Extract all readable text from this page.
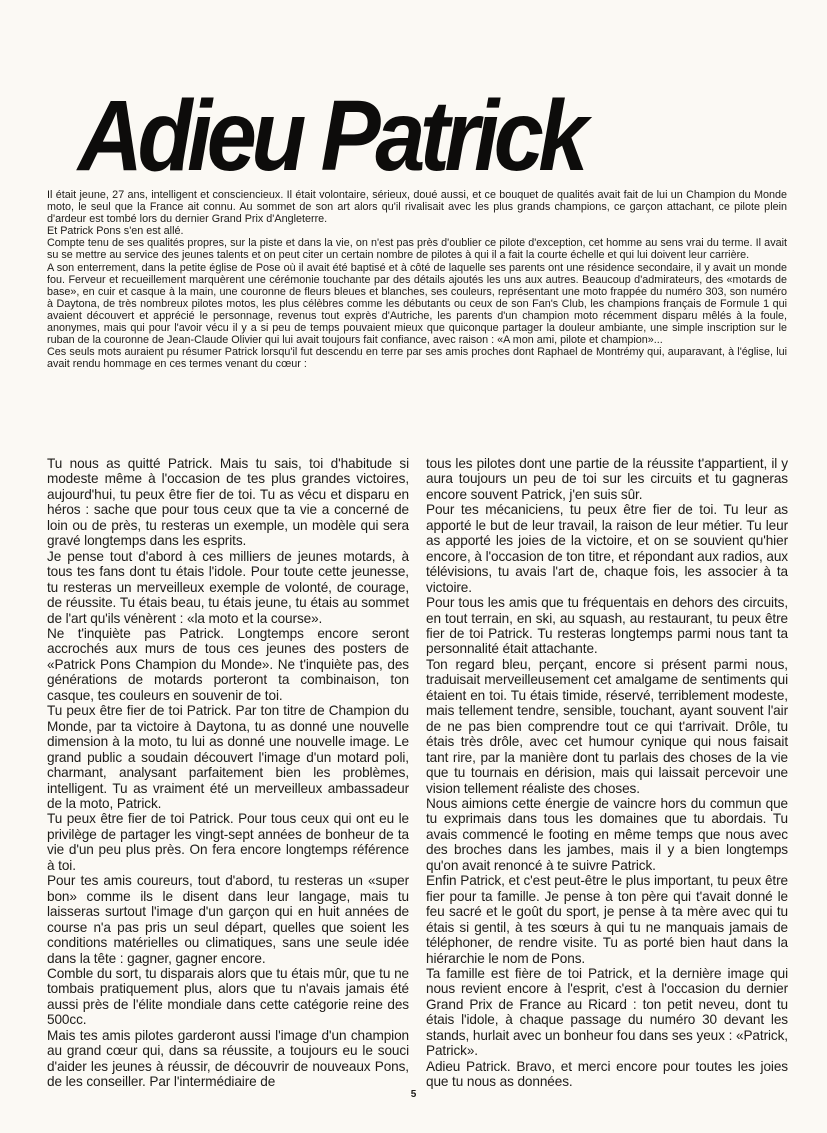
Adieu Patrick

Il était jeune, 27 ans, intelligent et consciencieux. Il était volontaire, sérieux, doué aussi, et ce bouquet de qualités avait fait de lui un Champion du Monde moto, le seul que la France ait connu. Au sommet de son art alors qu'il rivalisait avec les plus grands champions, ce garçon attachant, ce pilote plein d'ardeur est tombé lors du dernier Grand Prix d'Angleterre.

Et Patrick Pons s'en est allé.

Compte tenu de ses qualités propres, sur la piste et dans la vie, on n'est pas près d'oublier ce pilote d'exception, cet homme au sens vrai du terme. Il avait su se mettre au service des jeunes talents et on peut citer un certain nombre de pilotes à qui il a fait la courte échelle et qui lui doivent leur carrière.

A son enterrement, dans la petite église de Pose où il avait été baptisé et à côté de laquelle ses parents ont une résidence secondaire, il y avait un monde fou. Ferveur et recueillement marquèrent une cérémonie touchante par des détails ajoutés les uns aux autres. Beaucoup d'admirateurs, des «motards de base», en cuir et casque à la main, une couronne de fleurs bleues et blanches, ses couleurs, représentant une moto frappée du numéro 303, son numéro à Daytona, de très nombreux pilotes motos, les plus célèbres comme les débutants ou ceux de son Fan's Club, les champions français de Formule 1 qui avaient découvert et apprécié le personnage, revenus tout exprès d'Autriche, les parents d'un champion moto récemment disparu mêlés à la foule, anonymes, mais qui pour l'avoir vécu il y a si peu de temps pouvaient mieux que quiconque partager la douleur ambiante, une simple inscription sur le ruban de la couronne de Jean-Claude Olivier qui lui avait toujours fait confiance, avec raison : «A mon ami, pilote et champion»...

Ces seuls mots auraient pu résumer Patrick lorsqu'il fut descendu en terre par ses amis proches dont Raphael de Montrémy qui, auparavant, à l'église, lui avait rendu hommage en ces termes venant du cœur :

Tu nous as quitté Patrick. Mais tu sais, toi d'habitude si modeste même à l'occasion de tes plus grandes victoires, aujourd'hui, tu peux être fier de toi. Tu as vécu et disparu en héros : sache que pour tous ceux que ta vie a concerné de loin ou de près, tu resteras un exemple, un modèle qui sera gravé longtemps dans les esprits.

Je pense tout d'abord à ces milliers de jeunes motards, à tous tes fans dont tu étais l'idole. Pour toute cette jeunesse, tu resteras un merveilleux exemple de volonté, de courage, de réussite. Tu étais beau, tu étais jeune, tu étais au sommet de l'art qu'ils vénèrent : «la moto et la course».

Ne t'inquiète pas Patrick. Longtemps encore seront accrochés aux murs de tous ces jeunes des posters de «Patrick Pons Champion du Monde». Ne t'inquiète pas, des générations de motards porteront ta combinaison, ton casque, tes couleurs en souvenir de toi.

Tu peux être fier de toi Patrick. Par ton titre de Champion du Monde, par ta victoire à Daytona, tu as donné une nouvelle dimension à la moto, tu lui as donné une nouvelle image. Le grand public a soudain découvert l'image d'un motard poli, charmant, analysant parfaitement bien les problèmes, intelligent. Tu as vraiment été un merveilleux ambassadeur de la moto, Patrick.

Tu peux être fier de toi Patrick. Pour tous ceux qui ont eu le privilège de partager les vingt-sept années de bonheur de ta vie d'un peu plus près. On fera encore longtemps référence à toi.

Pour tes amis coureurs, tout d'abord, tu resteras un «super bon» comme ils le disent dans leur langage, mais tu laisseras surtout l'image d'un garçon qui en huit années de course n'a pas pris un seul départ, quelles que soient les conditions matérielles ou climatiques, sans une seule idée dans la tête : gagner, gagner encore.

Comble du sort, tu disparais alors que tu étais mûr, que tu ne tombais pratiquement plus, alors que tu n'avais jamais été aussi près de l'élite mondiale dans cette catégorie reine des 500cc.

Mais tes amis pilotes garderont aussi l'image d'un champion au grand cœur qui, dans sa réussite, a toujours eu le souci d'aider les jeunes à réussir, de découvrir de nouveaux Pons, de les conseiller. Par l'intermédiaire de

tous les pilotes dont une partie de la réussite t'appartient, il y aura toujours un peu de toi sur les circuits et tu gagneras encore souvent Patrick, j'en suis sûr.

Pour tes mécaniciens, tu peux être fier de toi. Tu leur as apporté le but de leur travail, la raison de leur métier. Tu leur as apporté les joies de la victoire, et on se souvient qu'hier encore, à l'occasion de ton titre, et répondant aux radios, aux télévisions, tu avais l'art de, chaque fois, les associer à ta victoire.

Pour tous les amis que tu fréquentais en dehors des circuits, en tout terrain, en ski, au squash, au restaurant, tu peux être fier de toi Patrick. Tu resteras longtemps parmi nous tant ta personnalité était attachante.

Ton regard bleu, perçant, encore si présent parmi nous, traduisait merveilleusement cet amalgame de sentiments qui étaient en toi. Tu étais timide, réservé, terriblement modeste, mais tellement tendre, sensible, touchant, ayant souvent l'air de ne pas bien comprendre tout ce qui t'arrivait. Drôle, tu étais très drôle, avec cet humour cynique qui nous faisait tant rire, par la manière dont tu parlais des choses de la vie que tu tournais en dérision, mais qui laissait percevoir une vision tellement réaliste des choses.

Nous aimions cette énergie de vaincre hors du commun que tu exprimais dans tous les domaines que tu abordais. Tu avais commencé le footing en même temps que nous avec des broches dans les jambes, mais il y a bien longtemps qu'on avait renoncé à te suivre Patrick.

Enfin Patrick, et c'est peut-être le plus important, tu peux être fier pour ta famille. Je pense à ton père qui t'avait donné le feu sacré et le goût du sport, je pense à ta mère avec qui tu étais si gentil, à tes sœurs à qui tu ne manquais jamais de téléphoner, de rendre visite. Tu as porté bien haut dans la hiérarchie le nom de Pons.

Ta famille est fière de toi Patrick, et la dernière image qui nous revient encore à l'esprit, c'est à l'occasion du dernier Grand Prix de France au Ricard : ton petit neveu, dont tu étais l'idole, à chaque passage du numéro 30 devant les stands, hurlait avec un bonheur fou dans ses yeux : «Patrick, Patrick».

Adieu Patrick. Bravo, et merci encore pour toutes les joies que tu nous as données.

5
